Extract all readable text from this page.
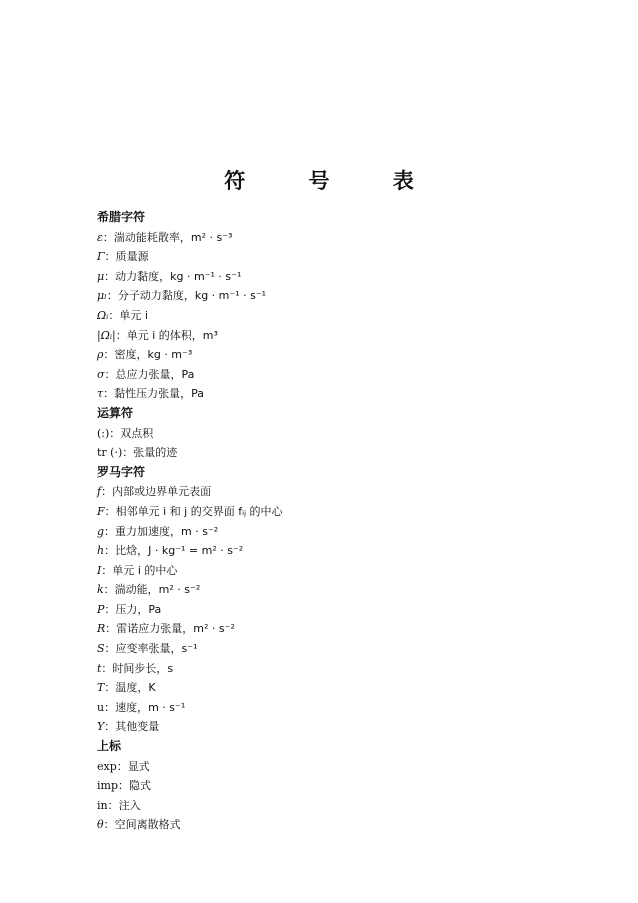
符 号 表
希腊字符
ε：湍动能耗散率，m² · s⁻³
Γ：质量源
μ：动力黏度，kg · m⁻¹ · s⁻¹
μₗ：分子动力黏度，kg · m⁻¹ · s⁻¹
Ωᵢ：单元 i
|Ωᵢ|：单元 i 的体积，m³
ρ：密度，kg · m⁻³
σ：总应力张量，Pa
τ：黏性压力张量，Pa
运算符
(:)：双点积
tr (·)：张量的迹
罗马字符
f：内部或边界单元表面
F：相邻单元 i 和 j 的交界面 fᵢⱼ 的中心
g：重力加速度，m · s⁻²
h：比焓，J · kg⁻¹ = m² · s⁻²
I：单元 i 的中心
k：湍动能，m² · s⁻²
P：压力，Pa
R：雷诺应力张量，m² · s⁻²
S：应变率张量，s⁻¹
t：时间步长，s
T：温度，K
u：速度，m · s⁻¹
Y：其他变量
上标
exp：显式
imp：隐式
in：注入
θ：空间离散格式
